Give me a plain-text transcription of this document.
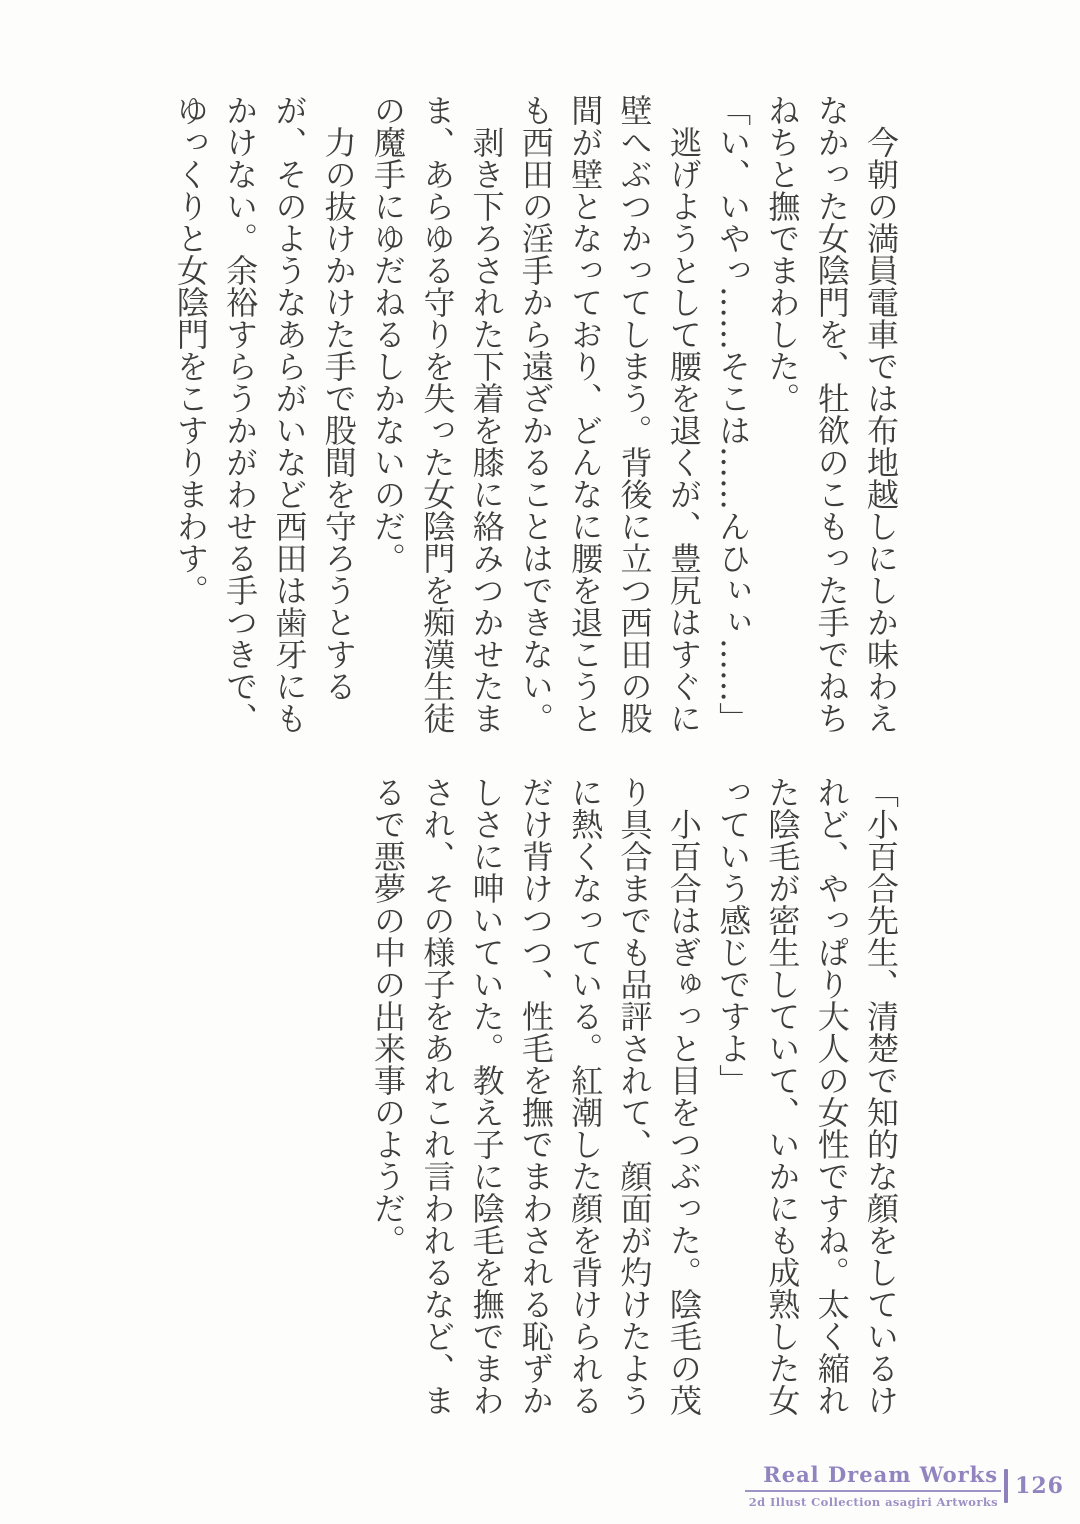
今朝の満員電車では布地越しにしか味わえ

なかった女陰門を、牡欲のこもった手でねち

ねちと撫でまわした。

「い、いやっ……そこは……んひぃぃ……」

逃げようとして腰を退くが、豊尻はすぐに

壁へぶつかってしまう。背後に立つ西田の股

間が壁となっており、どんなに腰を退こうと

も西田の淫手から遠ざかることはできない。

剥き下ろされた下着を膝に絡みつかせたま

ま、あらゆる守りを失った女陰門を痴漢生徒

の魔手にゆだねるしかないのだ。

力の抜けかけた手で股間を守ろうとする

が、そのようなあらがいなど西田は歯牙にも

かけない。余裕すらうかがわせる手つきで、

ゆっくりと女陰門をこすりまわす。

「小百合先生、清楚で知的な顔をしているけ

れど、やっぱり大人の女性ですね。太く縮れ

た陰毛が密生していて、いかにも成熟した女

っていう感じですよ」

小百合はぎゅっと目をつぶった。陰毛の茂

り具合までも品評されて、顔面が灼けたよう

に熱くなっている。紅潮した顔を背けられる

だけ背けつつ、性毛を撫でまわされる恥ずか

しさに呻いていた。教え子に陰毛を撫でまわ

され、その様子をあれこれ言われるなど、ま

るで悪夢の中の出来事のようだ。

Real Dream Works
2d Illust Collection asagiri Artworks
126
